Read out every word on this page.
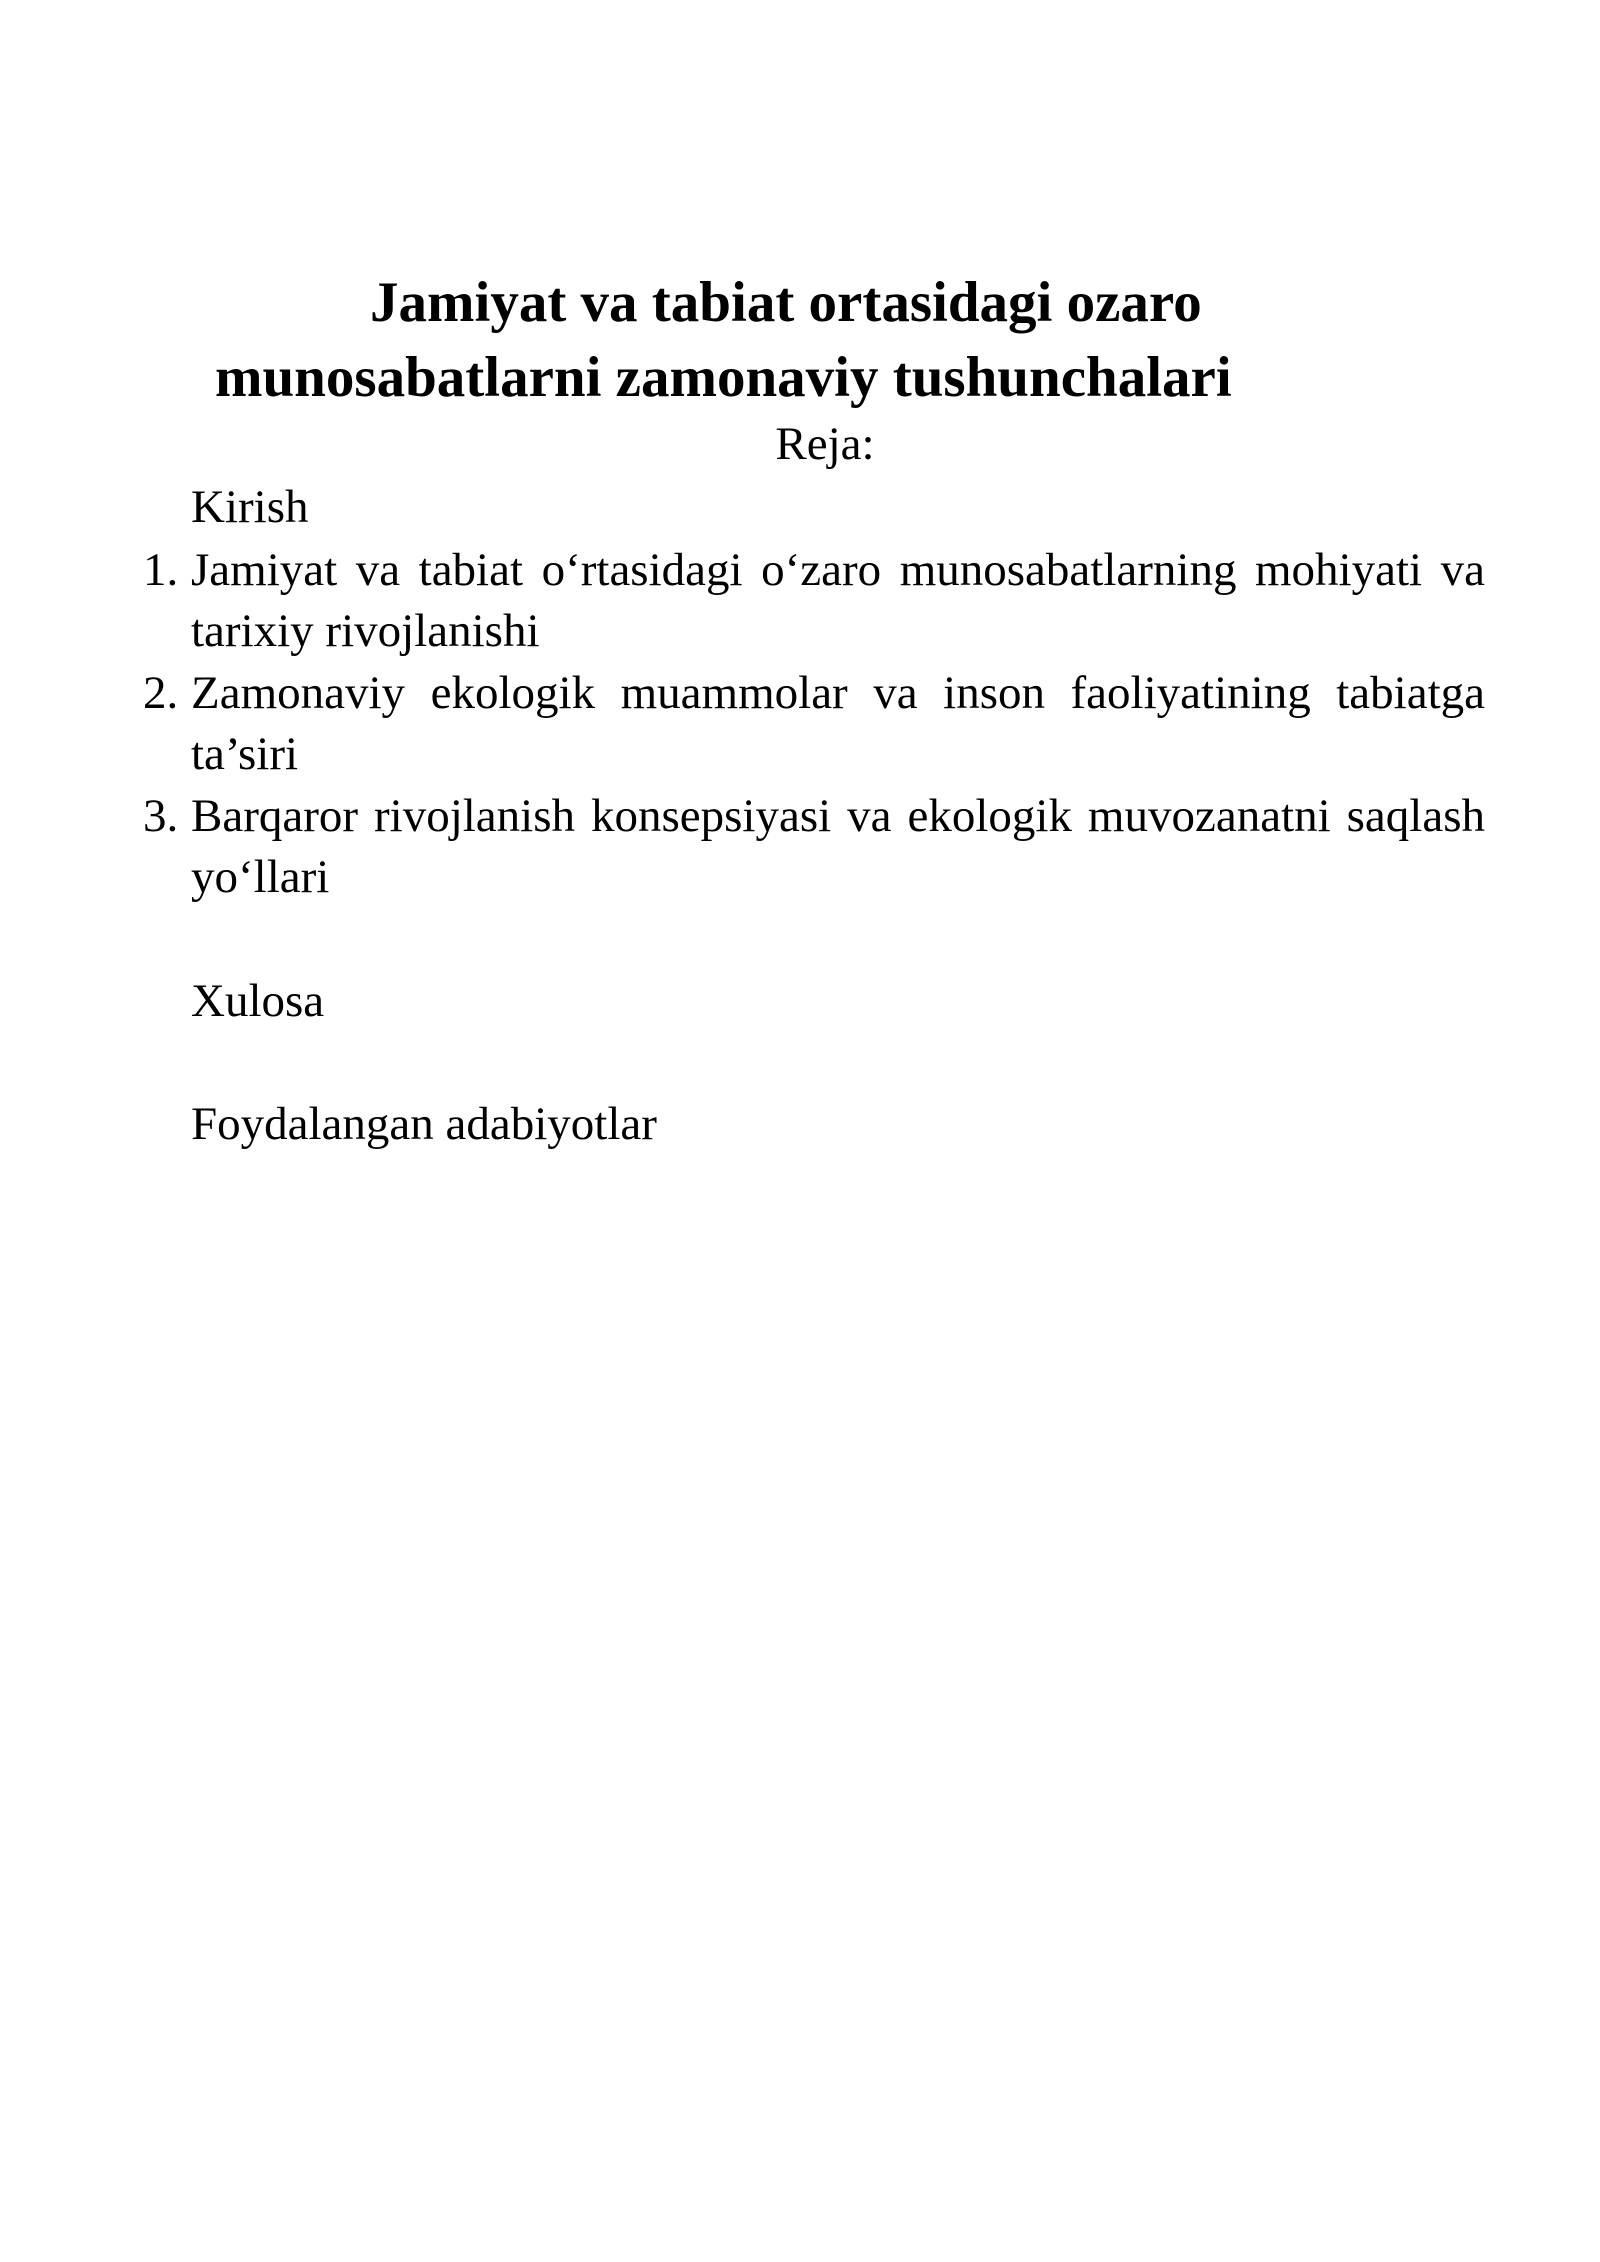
Jamiyat va tabiat ortasidagi ozaro
munosabatlarni zamonaviy tushunchalari
Reja:
Kirish
1. Jamiyat va tabiat o‘rtasidagi o‘zaro munosabatlarning mohiyati va tarixiy rivojlanishi
2. Zamonaviy ekologik muammolar va inson faoliyatining tabiatga ta’siri
3. Barqaror rivojlanish konsepsiyasi va ekologik muvozanatni saqlash yo‘llari
Xulosa
Foydalangan adabiyotlar
